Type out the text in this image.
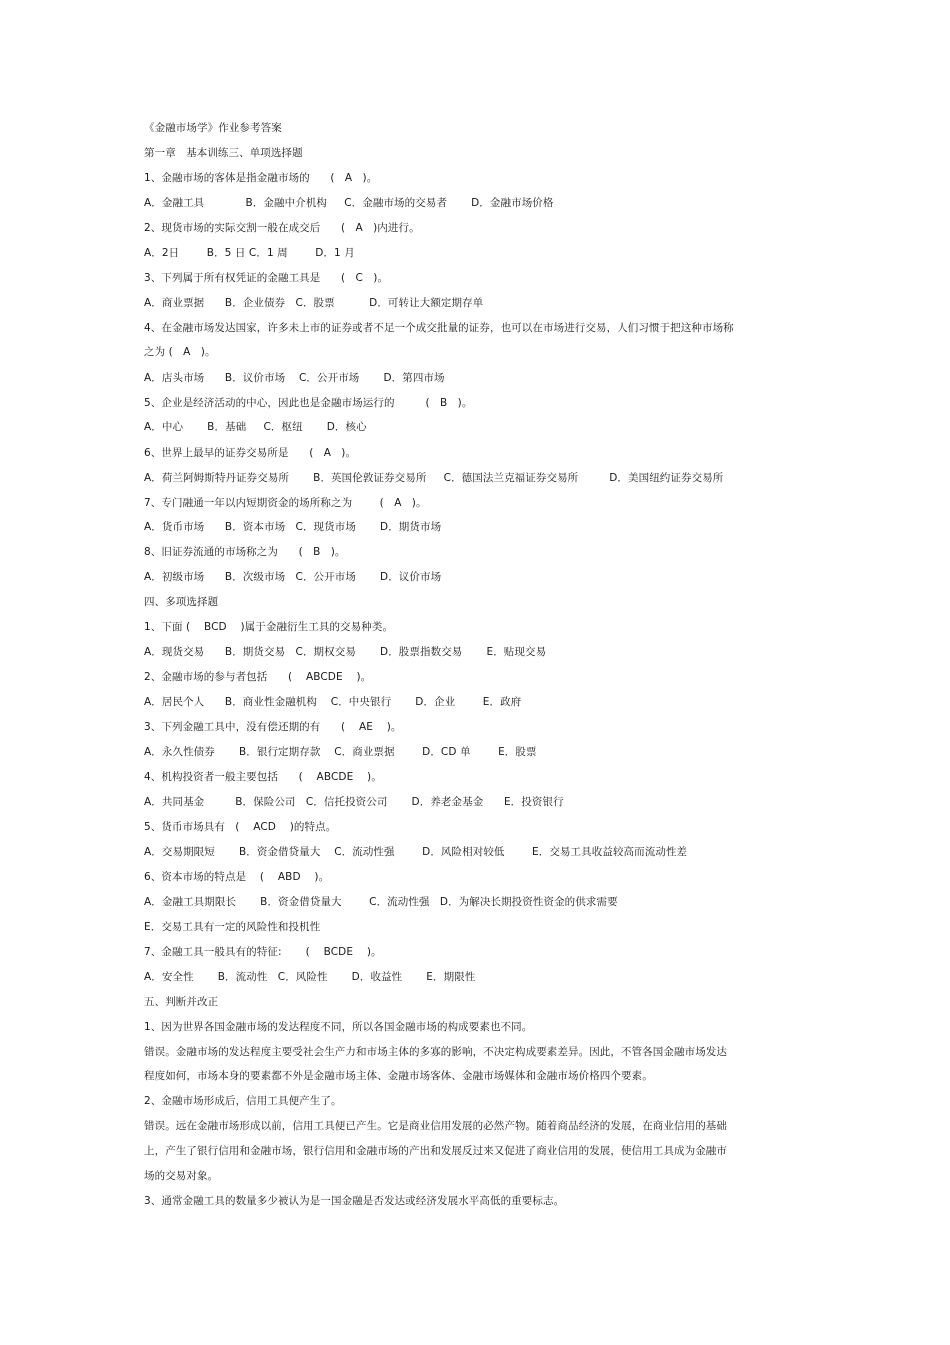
《金融市场学》作业参考答案
第一章   基本训练三、单项选择题
1、金融市场的客体是指金融市场的      (   A   )。
A．金融工具            B．金融中介机构     C．金融市场的交易者       D．金融市场价格
2、现货市场的实际交割一般在成交后      (   A   )内进行。
A．2日        B．5 日 C．1 周        D．1 月
3、下列属于所有权凭证的金融工具是      (   C   )。
A．商业票据      B．企业债券   C．股票          D．可转让大额定期存单
4、在金融市场发达国家，许多未上市的证券或者不足一个成交批量的证券，也可以在市场进行交易，人们习惯于把这种市场称
之为 (   A   )。
A．店头市场      B．议价市场    C．公开市场       D．第四市场
5、企业是经济活动的中心，因此也是金融市场运行的         (   B   )。
A．中心       B．基础     C．枢纽       D．核心
6、世界上最早的证券交易所是      (   A   )。
A．荷兰阿姆斯特丹证券交易所       B．英国伦敦证券交易所     C．德国法兰克福证券交易所         D．美国纽约证券交易所
7、专门融通一年以内短期资金的场所称之为        (   A   )。
A．货币市场      B．资本市场   C．现货市场       D．期货市场
8、旧证券流通的市场称之为      (   B   )。
A．初级市场      B．次级市场   C．公开市场       D．议价市场
四、多项选择题
1、下面 (    BCD    )属于金融衍生工具的交易种类。
A．现货交易      B．期货交易   C．期权交易       D．股票指数交易       E．贴现交易
2、金融市场的参与者包括      (    ABCDE    )。
A．居民个人      B．商业性金融机构    C．中央银行       D．企业        E．政府
3、下列金融工具中，没有偿还期的有      (    AE    )。
A．永久性债券       B．银行定期存款    C．商业票据        D．CD 单        E．股票
4、机构投资者一般主要包括      (    ABCDE    )。
A．共同基金         B．保险公司   C．信托投资公司       D．养老金基金      E．投资银行
5、货币市场具有   (    ACD    )的特点。
A．交易期限短       B．资金借贷量大    C．流动性强        D．风险相对较低        E．交易工具收益较高而流动性差
6、资本市场的特点是    (    ABD    )。
A．金融工具期限长       B．资金借贷量大        C．流动性强   D．为解决长期投资性资金的供求需要
E．交易工具有一定的风险性和投机性
7、金融工具一般具有的特征:       (    BCDE    )。
A．安全性       B．流动性   C．风险性       D．收益性       E．期限性
五、判断并改正
1、因为世界各国金融市场的发达程度不同，所以各国金融市场的构成要素也不同。
错误。金融市场的发达程度主要受社会生产力和市场主体的多寡的影响，不决定构成要素差异。因此，不管各国金融市场发达
程度如何，市场本身的要素都不外是金融市场主体、金融市场客体、金融市场媒体和金融市场价格四个要素。
2、金融市场形成后，信用工具便产生了。
错误。远在金融市场形成以前，信用工具便已产生。它是商业信用发展的必然产物。随着商品经济的发展，在商业信用的基础
上，产生了银行信用和金融市场，银行信用和金融市场的产出和发展反过来又促进了商业信用的发展，使信用工具成为金融市
场的交易对象。
3、通常金融工具的数量多少被认为是一国金融是否发达或经济发展水平高低的重要标志。
